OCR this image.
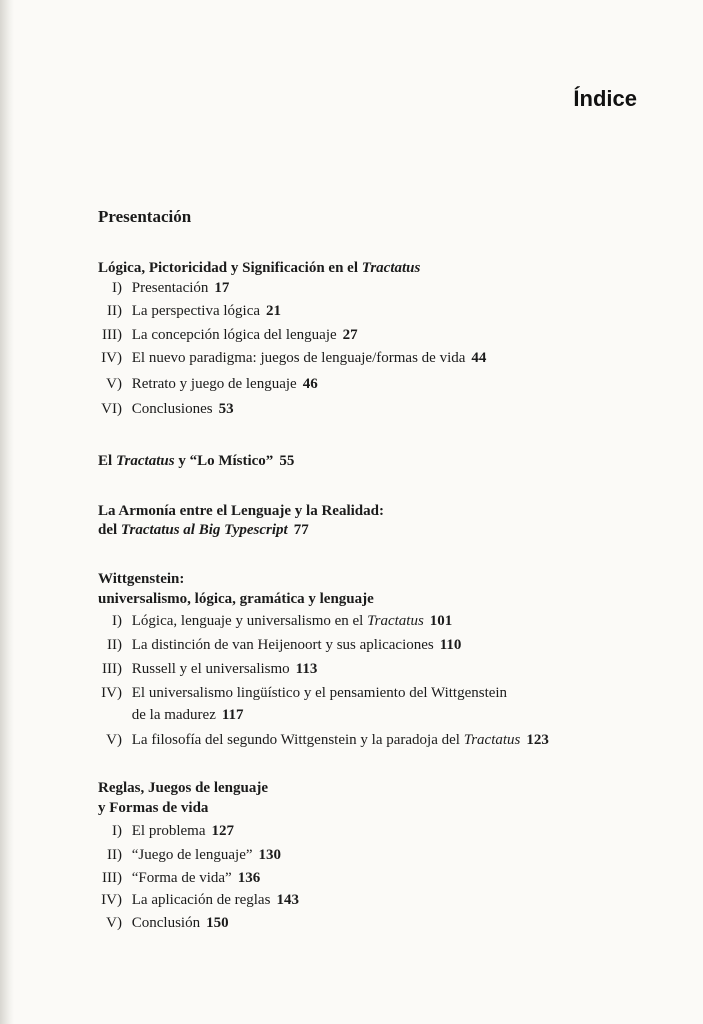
Índice
Presentación
Lógica, Pictoricidad y Significación en el Tractatus
I) Presentación 17
II) La perspectiva lógica 21
III) La concepción lógica del lenguaje 27
IV) El nuevo paradigma: juegos de lenguaje/formas de vida 44
V) Retrato y juego de lenguaje 46
VI) Conclusiones 53
El Tractatus y “Lo Místico” 55
La Armonía entre el Lenguaje y la Realidad:
del Tractatus al Big Typescript 77
Wittgenstein:
universalismo, lógica, gramática y lenguaje
I) Lógica, lenguaje y universalismo en el Tractatus 101
II) La distinción de van Heijenoort y sus aplicaciones 110
III) Russell y el universalismo 113
IV) El universalismo lingüístico y el pensamiento del Wittgenstein
de la madurez 117
V) La filosofía del segundo Wittgenstein y la paradoja del Tractatus 123
Reglas, Juegos de lenguaje
y Formas de vida
I) El problema 127
II) “Juego de lenguaje” 130
III) “Forma de vida” 136
IV) La aplicación de reglas 143
V) Conclusión 150
